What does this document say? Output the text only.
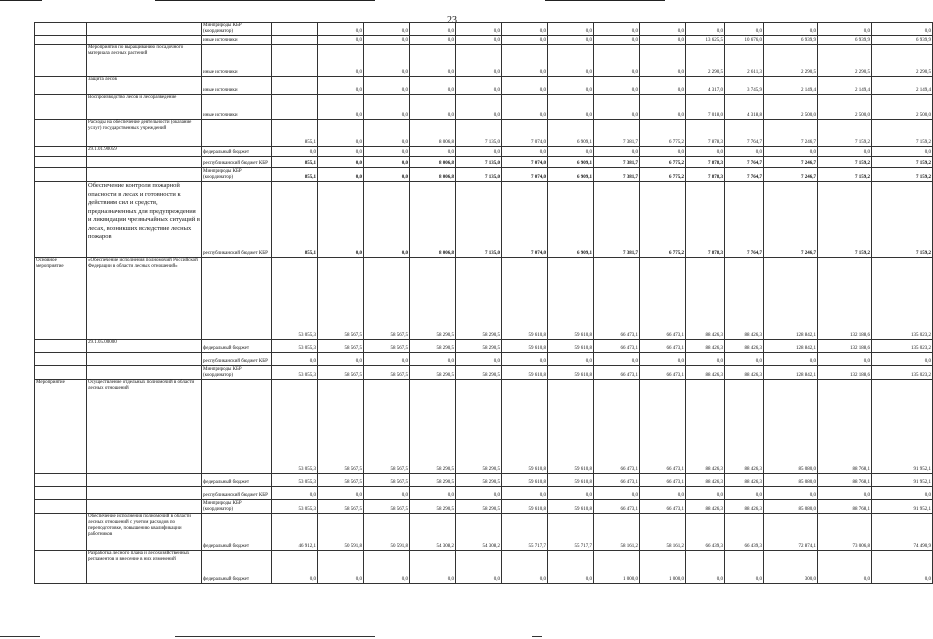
23
		Минприроды КБР (координатор)		0,0	0,0	0,0	0,0	0,0	0,0	0,0	0,0	0,0	0,0	0,0	0,0	0,0
		иные источники		0,0	0,0	0,0	0,0	0,0	0,0	0,0	0,0	13 625,5	10 676,0	6 939,9	6 939,9	6 939,9
	Мероприятия по выращиванию посадочного материала лесных растений	иные источники		0,0	0,0	0,0	0,0	0,0	0,0	0,0	0,0	2 290,5	2 611,3	2 290,5	2 290,5	2 290,5
	Защита лесов	иные источники		0,0	0,0	0,0	0,0	0,0	0,0	0,0	0,0	4 317,0	3 745,9	2 149,4	2 149,4	2 149,4
	Воспроизводство лесов и лесоразведение	иные источники		0,0	0,0	0,0	0,0	0,0	0,0	0,0	0,0	7 018,0	4 318,8	2 500,0	2 500,0	2 500,0
	Расходы на обеспечение деятельности (оказание услуг) государственных учреждений		855,1	0,0	0,0	8 006,8	7 135,0	7 074,0	6 909,1	7 381,7	6 775,2	7 878,3	7 764,7	7 246,7	7 159,2	7 159,2
	29.1.01.90059	федеральный бюджет	0,0	0,0	0,0	0,0	0,0	0,0	0,0	0,0	0,0	0,0	0,0	0,0	0,0	0,0
		республиканский бюджет КБР	855,1	0,0	0,0	8 006,8	7 135,0	7 074,0	6 909,1	7 381,7	6 775,2	7 878,3	7 764,7	7 246,7	7 159,2	7 159,2
		Минприроды КБР (координатор)	855,1	0,0	0,0	8 006,8	7 135,0	7 074,0	6 909,1	7 381,7	6 775,2	7 878,3	7 764,7	7 246,7	7 159,2	7 159,2
	Обеспечение контроля пожарной опасности в лесах и готовности к действиям сил и средств, предназначенных для предупреждения и ликвидации чрезвычайных ситуаций в лесах, возникших вследствие лесных пожаров	республиканский бюджет КБР	855,1	0,0	0,0	8 006,8	7 135,0	7 074,0	6 909,1	7 381,7	6 775,2	7 878,3	7 764,7	7 246,7	7 159,2	7 159,2
Основное мероприятие	«Обеспечение исполнения полномочий Российской Федерации в области лесных отношений»		53 055,3	58 567,5	58 567,5	58 290,5	58 290,5	59 610,8	59 610,8	66 473,1	66 473,1	88 426,3	88 426,3	128 842,1	132 188,6	135 023,2
	29.1.05.00000	федеральный бюджет	53 055,3	58 567,5	58 567,5	58 290,5	58 290,5	59 610,8	59 610,8	66 473,1	66 473,1	88 426,3	88 426,3	128 842,1	132 188,6	135 023,2
		республиканский бюджет КБР	0,0	0,0	0,0	0,0	0,0	0,0	0,0	0,0	0,0	0,0	0,0	0,0	0,0	0,0
		Минприроды КБР (координатор)	53 055,3	58 567,5	58 567,5	58 290,5	58 290,5	59 610,8	59 610,8	66 473,1	66 473,1	88 426,3	88 426,3	128 842,1	132 188,6	135 023,2
Мероприятие	Осуществление отдельных полномочий в области лесных отношений		53 055,3	58 567,5	58 567,5	58 290,5	58 290,5	59 610,8	59 610,8	66 473,1	66 473,1	88 426,3	88 426,3	85 080,0	88 768,1	91 952,1
		федеральный бюджет	53 055,3	58 567,5	58 567,5	58 290,5	58 290,5	59 610,8	59 610,8	66 473,1	66 473,1	88 426,3	88 426,3	85 080,0	88 768,1	91 952,1
		республиканский бюджет КБР	0,0	0,0	0,0	0,0	0,0	0,0	0,0	0,0	0,0	0,0	0,0	0,0	0,0	0,0
		Минприроды КБР (координатор)	53 055,3	58 567,5	58 567,5	58 290,5	58 290,5	59 610,8	59 610,8	66 473,1	66 473,1	88 426,3	88 426,3	85 080,0	88 768,1	91 952,1
	Обеспечение исполнения полномочий в области лесных отношений с учетом расходов по переподготовке, повышению квалификации работников	федеральный бюджет	46 912,1	50 591,8	50 591,8	54 308,2	54 308,2	55 717,7	55 717,7	58 161,2	58 161,2	66 439,3	66 439,3	72 874,1	73 006,8	74 490,9
	Разработка лесного плана и лесохозяйственных регламентов и внесение в них изменений	федеральный бюджет	0,0	0,0	0,0	0,0	0,0	0,0	0,0	1 000,0	1 000,0	0,0	0,0	300,0	0,0	0,0
